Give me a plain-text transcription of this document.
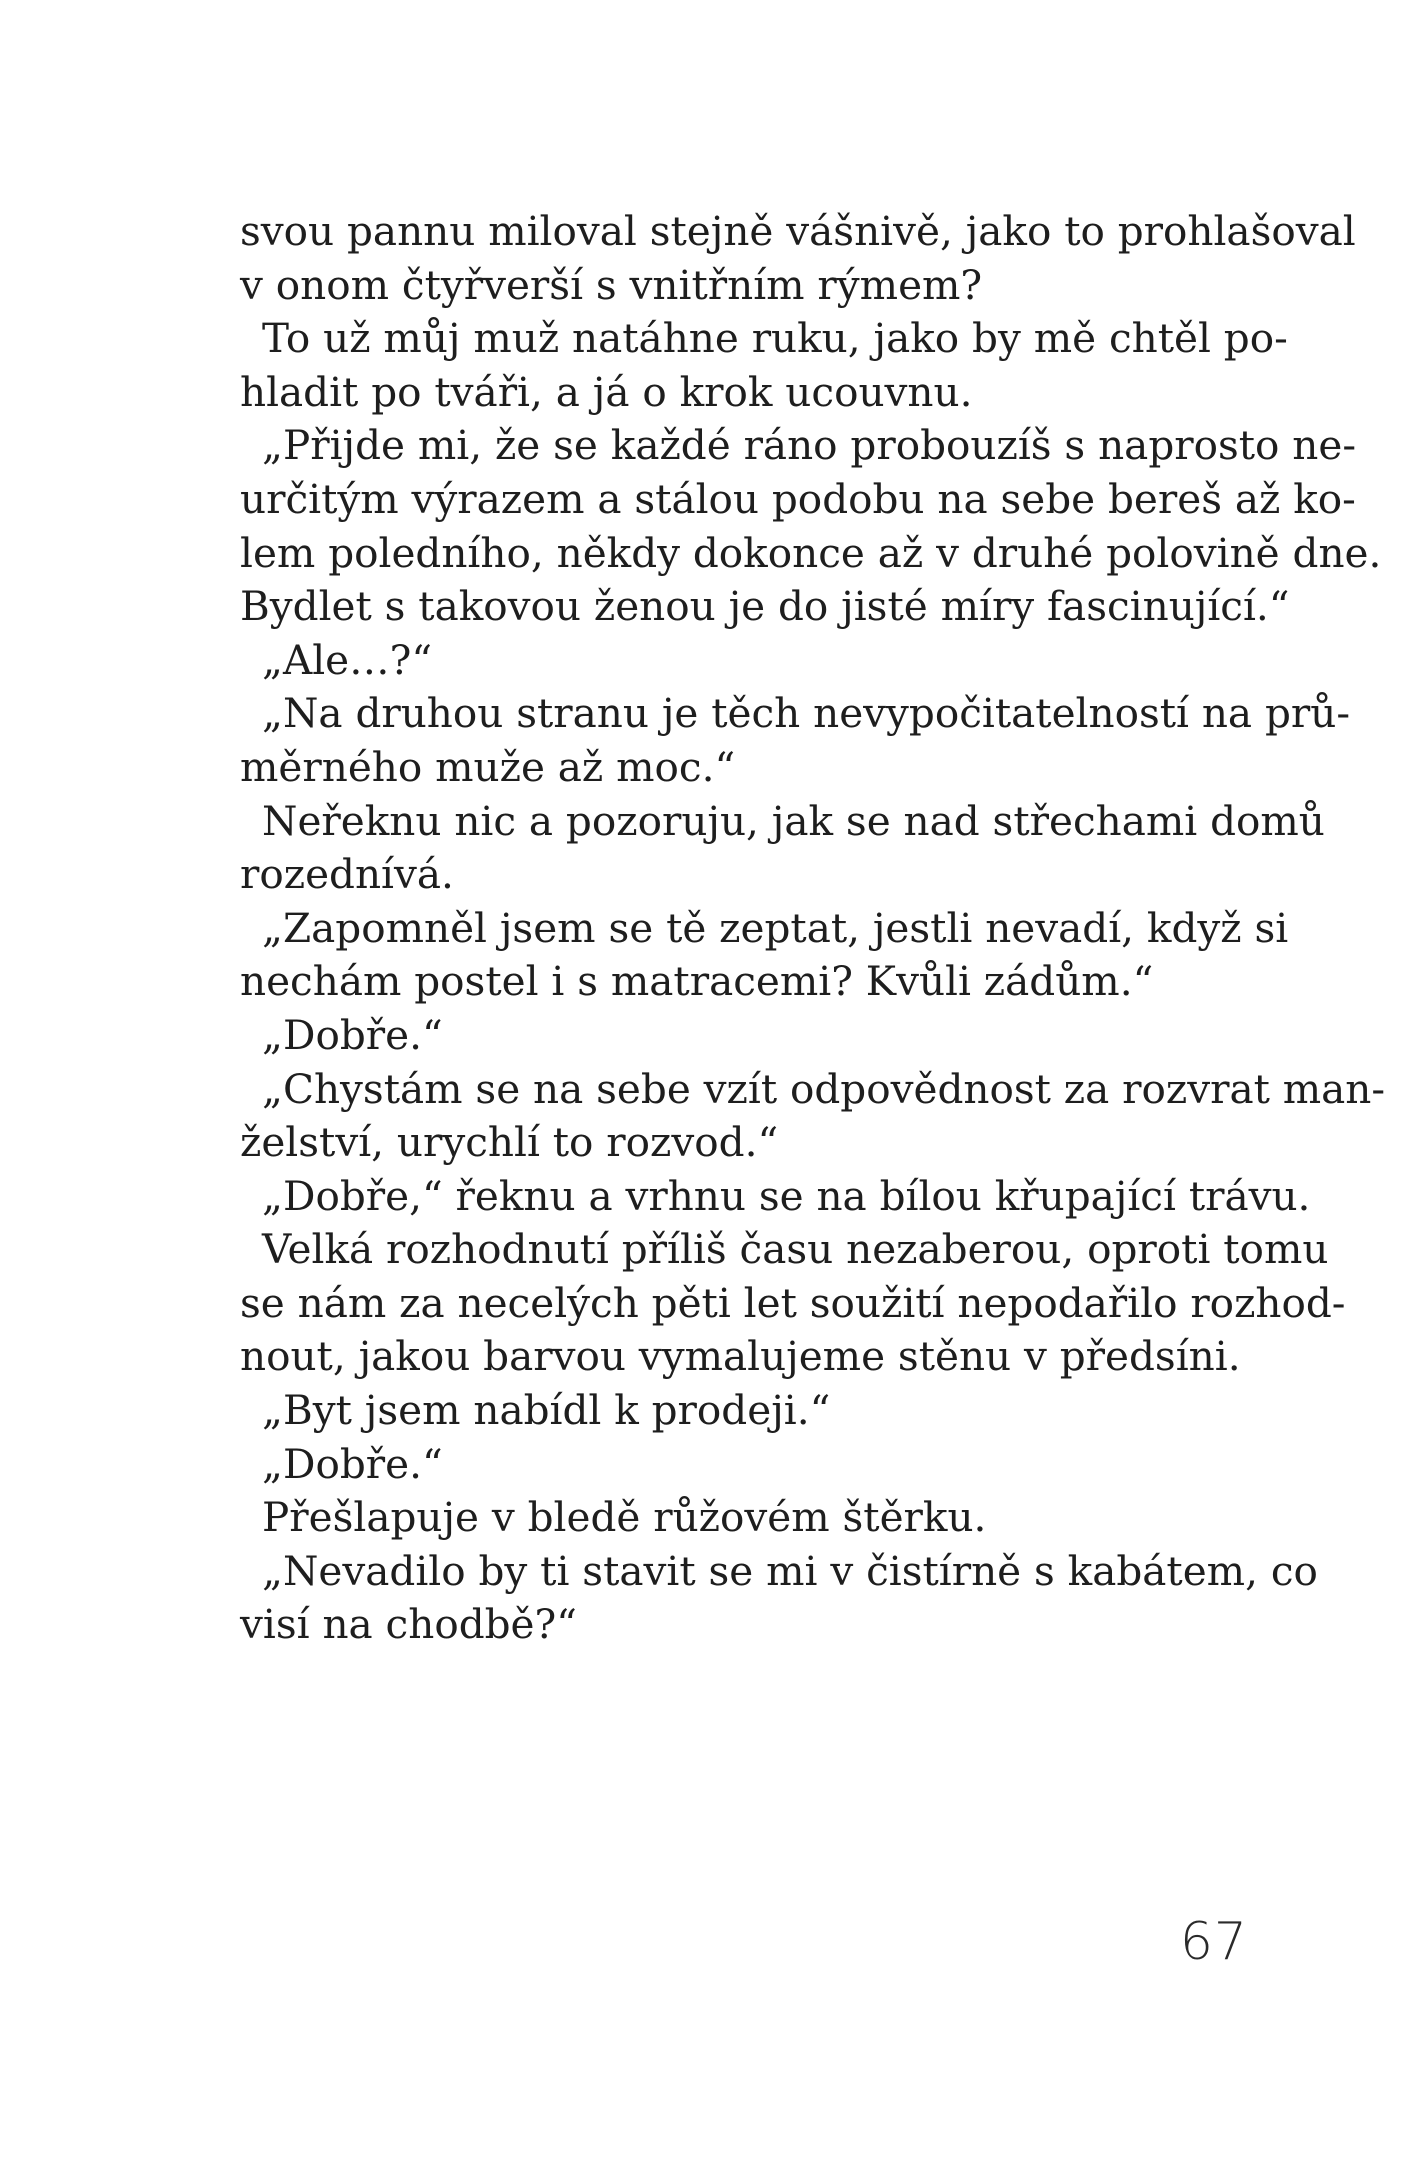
svou pannu miloval stejně vášnivě, jako to prohlašoval
v onom čtyřverší s vnitřním rýmem?
To už můj muž natáhne ruku, jako by mě chtěl po-
hladit po tváři, a já o krok ucouvnu.
„Přijde mi, že se každé ráno probouzíš s naprosto ne-
určitým výrazem a stálou podobu na sebe bereš až ko-
lem poledního, někdy dokonce až v druhé polovině dne.
Bydlet s takovou ženou je do jisté míry fascinující.“
„Ale…?“
„Na druhou stranu je těch nevypočitatelností na prů-
měrného muže až moc.“
Neřeknu nic a pozoruju, jak se nad střechami domů
rozednívá.
„Zapomněl jsem se tě zeptat, jestli nevadí, když si
nechám postel i s matracemi? Kvůli zádům.“
„Dobře.“
„Chystám se na sebe vzít odpovědnost za rozvrat man-
želství, urychlí to rozvod.“
„Dobře,“ řeknu a vrhnu se na bílou křupající trávu.
Velká rozhodnutí příliš času nezaberou, oproti tomu
se nám za necelých pěti let soužití nepodařilo rozhod-
nout, jakou barvou vymalujeme stěnu v předsíni.
„Byt jsem nabídl k prodeji.“
„Dobře.“
Přešlapuje v bledě růžovém štěrku.
„Nevadilo by ti stavit se mi v čistírně s kabátem, co
visí na chodbě?“
67
